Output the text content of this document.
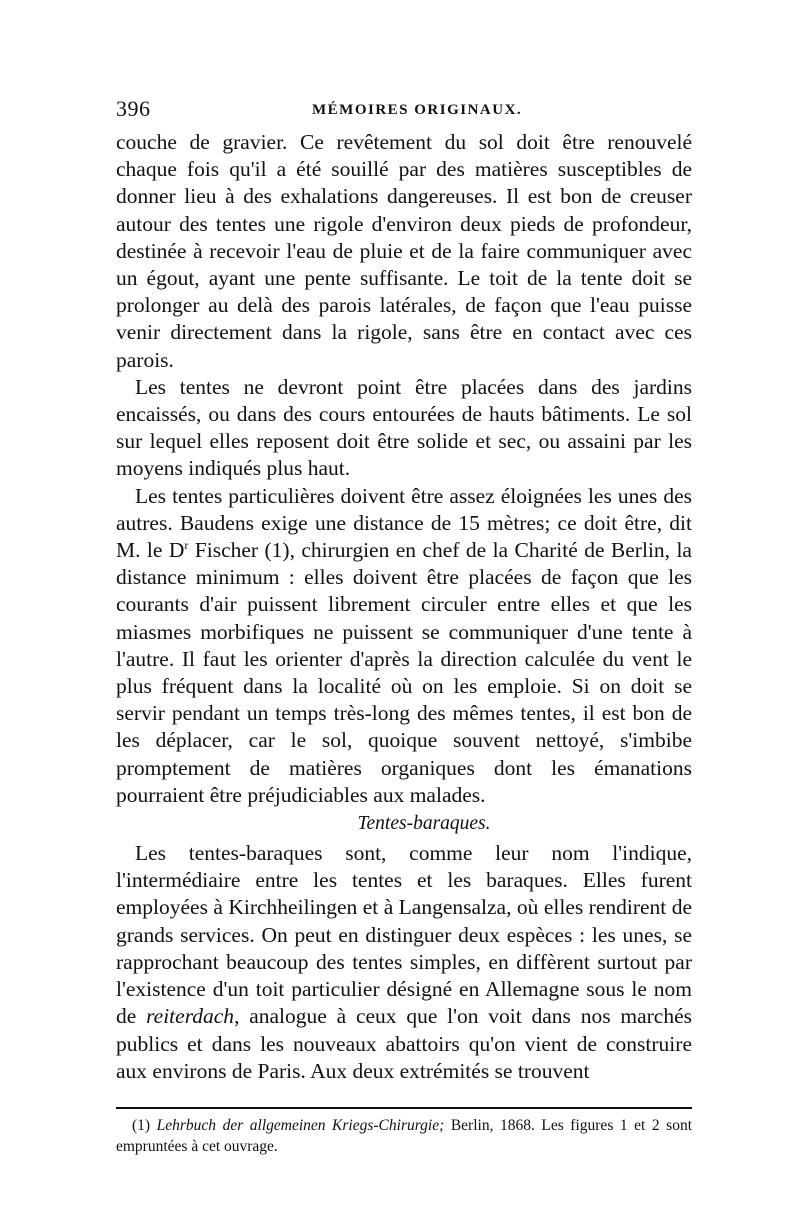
396	MÉMOIRES ORIGINAUX.

couche de gravier. Ce revêtement du sol doit être renouvelé chaque fois qu'il a été souillé par des matières susceptibles de donner lieu à des exhalations dangereuses. Il est bon de creuser autour des tentes une rigole d'environ deux pieds de profondeur, destinée à recevoir l'eau de pluie et de la faire communiquer avec un égout, ayant une pente suffisante. Le toit de la tente doit se prolonger au delà des parois latérales, de façon que l'eau puisse venir directement dans la rigole, sans être en contact avec ces parois.

Les tentes ne devront point être placées dans des jardins encaissés, ou dans des cours entourées de hauts bâtiments. Le sol sur lequel elles reposent doit être solide et sec, ou assaini par les moyens indiqués plus haut.

Les tentes particulières doivent être assez éloignées les unes des autres. Baudens exige une distance de 15 mètres; ce doit être, dit M. le $D^r$ Fischer (1), chirurgien en chef de la Charité de Berlin, la distance minimum : elles doivent être placées de façon que les courants d'air puissent librement circuler entre elles et que les miasmes morbifiques ne puissent se communiquer d'une tente à l'autre. Il faut les orienter d'après la direction calculée du vent le plus fréquent dans la localité où on les emploie. Si on doit se servir pendant un temps très-long des mêmes tentes, il est bon de les déplacer, car le sol, quoique souvent nettoyé, s'imbibe promptement de matières organiques dont les émanations pourraient être préjudiciables aux malades.

Tentes-baraques.

Les tentes-baraques sont, comme leur nom l'indique, l'intermédiaire entre les tentes et les baraques. Elles furent employées à Kirchheilingen et à Langensalza, où elles rendirent de grands services. On peut en distinguer deux espèces : les unes, se rapprochant beaucoup des tentes simples, en diffèrent surtout par l'existence d'un toit particulier désigné en Allemagne sous le nom de reiterdach, analogue à ceux que l'on voit dans nos marchés publics et dans les nouveaux abattoirs qu'on vient de construire aux environs de Paris. Aux deux extrémités se trouvent

(1) Lehrbuch der allgemeinen Kriegs-Chirurgie; Berlin, 1868. Les figures 1 et 2 sont empruntées à cet ouvrage.
